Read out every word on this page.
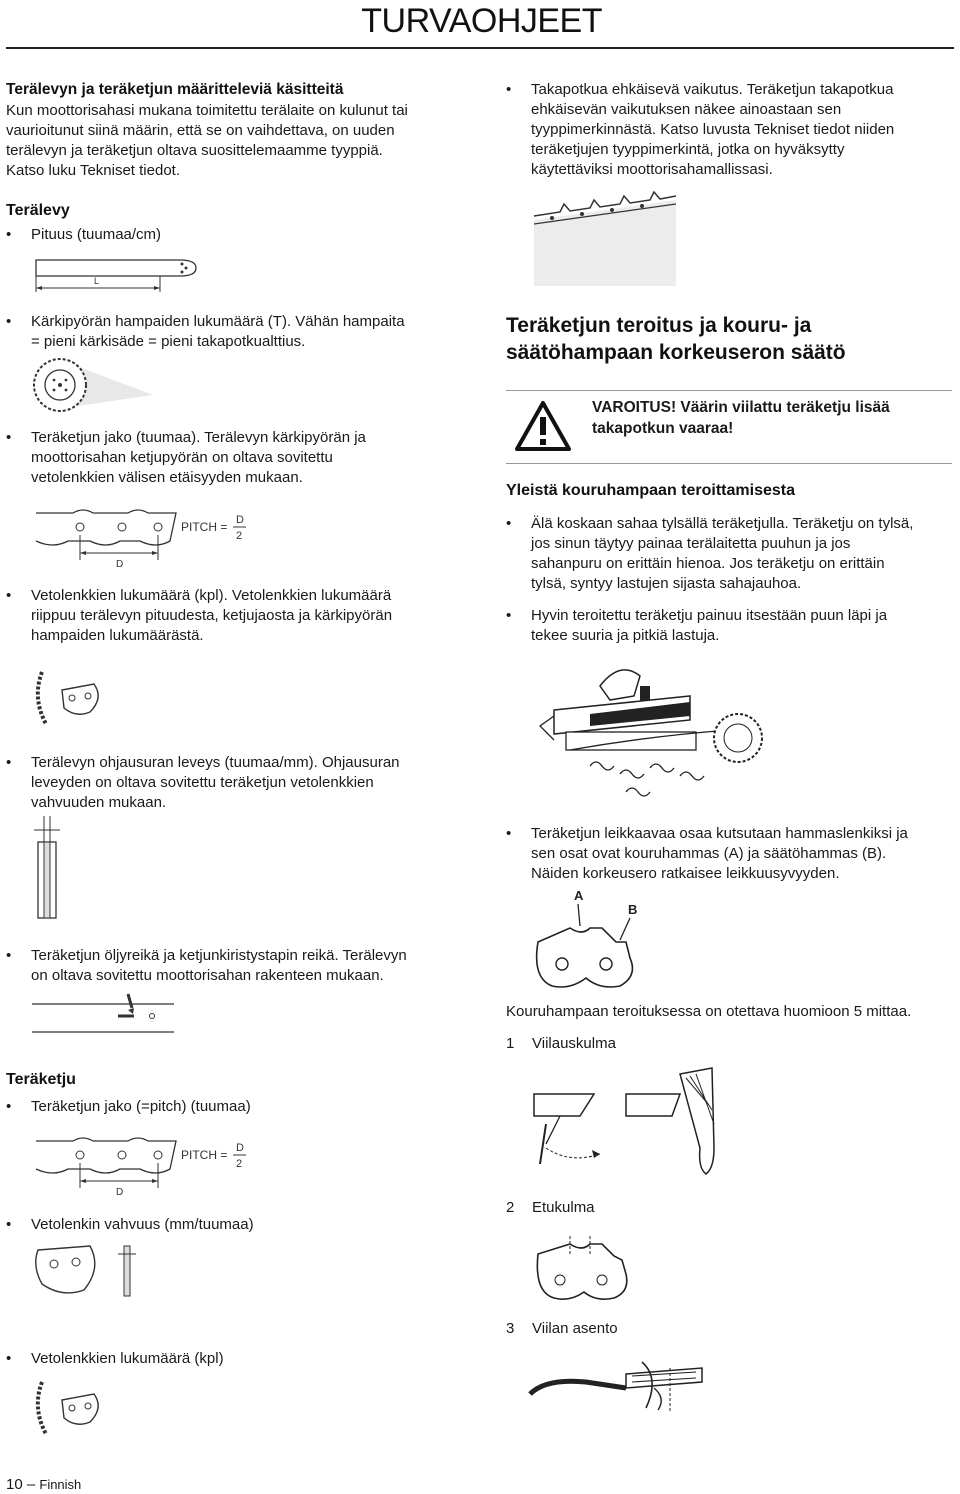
TURVAOHJEET
Terälevyn ja teräketjun määritteleviä käsitteitä
Kun moottorisahasi mukana toimitettu terälaite on kulunut tai
vaurioitunut siinä määrin, että se on vaihdettava, on uuden
terälevyn ja teräketjun oltava suosittelemaamme tyyppiä.
Katso luku Tekniset tiedot.
Terälevy
• Pituus (tuumaa/cm)
L
• Kärkipyörän hampaiden lukumäärä (T). Vähän hampaita
= pieni kärkisäde = pieni takapotkualttius.
• Teräketjun jako (tuumaa). Terälevyn kärkipyörän ja
moottorisahan ketjupyörän on oltava sovitettu
vetolenkkien välisen etäisyyden mukaan.
D
PITCH = D
2
• Vetolenkkien lukumäärä (kpl). Vetolenkkien lukumäärä
riippuu terälevyn pituudesta, ketjujaosta ja kärkipyörän
hampaiden lukumäärästä.
• Terälevyn ohjausuran leveys (tuumaa/mm). Ohjausuran
leveyden on oltava sovitettu teräketjun vetolenkkien
vahvuuden mukaan.
• Teräketjun öljyreikä ja ketjunkiristystapin reikä. Terälevyn
on oltava sovitettu moottorisahan rakenteen mukaan.
Teräketju
• Teräketjun jako (=pitch) (tuumaa)
D
PITCH = D
2
• Vetolenkin vahvuus (mm/tuumaa)
• Vetolenkkien lukumäärä (kpl)
• Takapotkua ehkäisevä vaikutus. Teräketjun takapotkua
ehkäisevän vaikutuksen näkee ainoastaan sen
tyyppimerkinnästä. Katso luvusta Tekniset tiedot niiden
teräketjujen tyyppimerkintä, jotka on hyväksytty
käytettäviksi moottorisahamallissasi.
Teräketjun teroitus ja kouru- ja
säätöhampaan korkeuseron säätö
VAROITUS! Väärin viilattu teräketju lisää
takapotkun vaaraa!
Yleistä kouruhampaan teroittamisesta
• Älä koskaan sahaa tylsällä teräketjulla. Teräketju on tylsä,
jos sinun täytyy painaa terälaitetta puuhun ja jos
sahanpuru on erittäin hienoa. Jos teräketju on erittäin
tylsä, syntyy lastujen sijasta sahajauhoa.
• Hyvin teroitettu teräketju painuu itsestään puun läpi ja
tekee suuria ja pitkiä lastuja.
• Teräketjun leikkaavaa osaa kutsutaan hammaslenkiksi ja
sen osat ovat kouruhammas (A) ja säätöhammas (B).
Näiden korkeusero ratkaisee leikkuusyvyyden.
A
B
Kouruhampaan teroituksessa on otettava huomioon 5 mittaa.
1 Viilauskulma
2 Etukulma
3 Viilan asento
10 – Finnish
